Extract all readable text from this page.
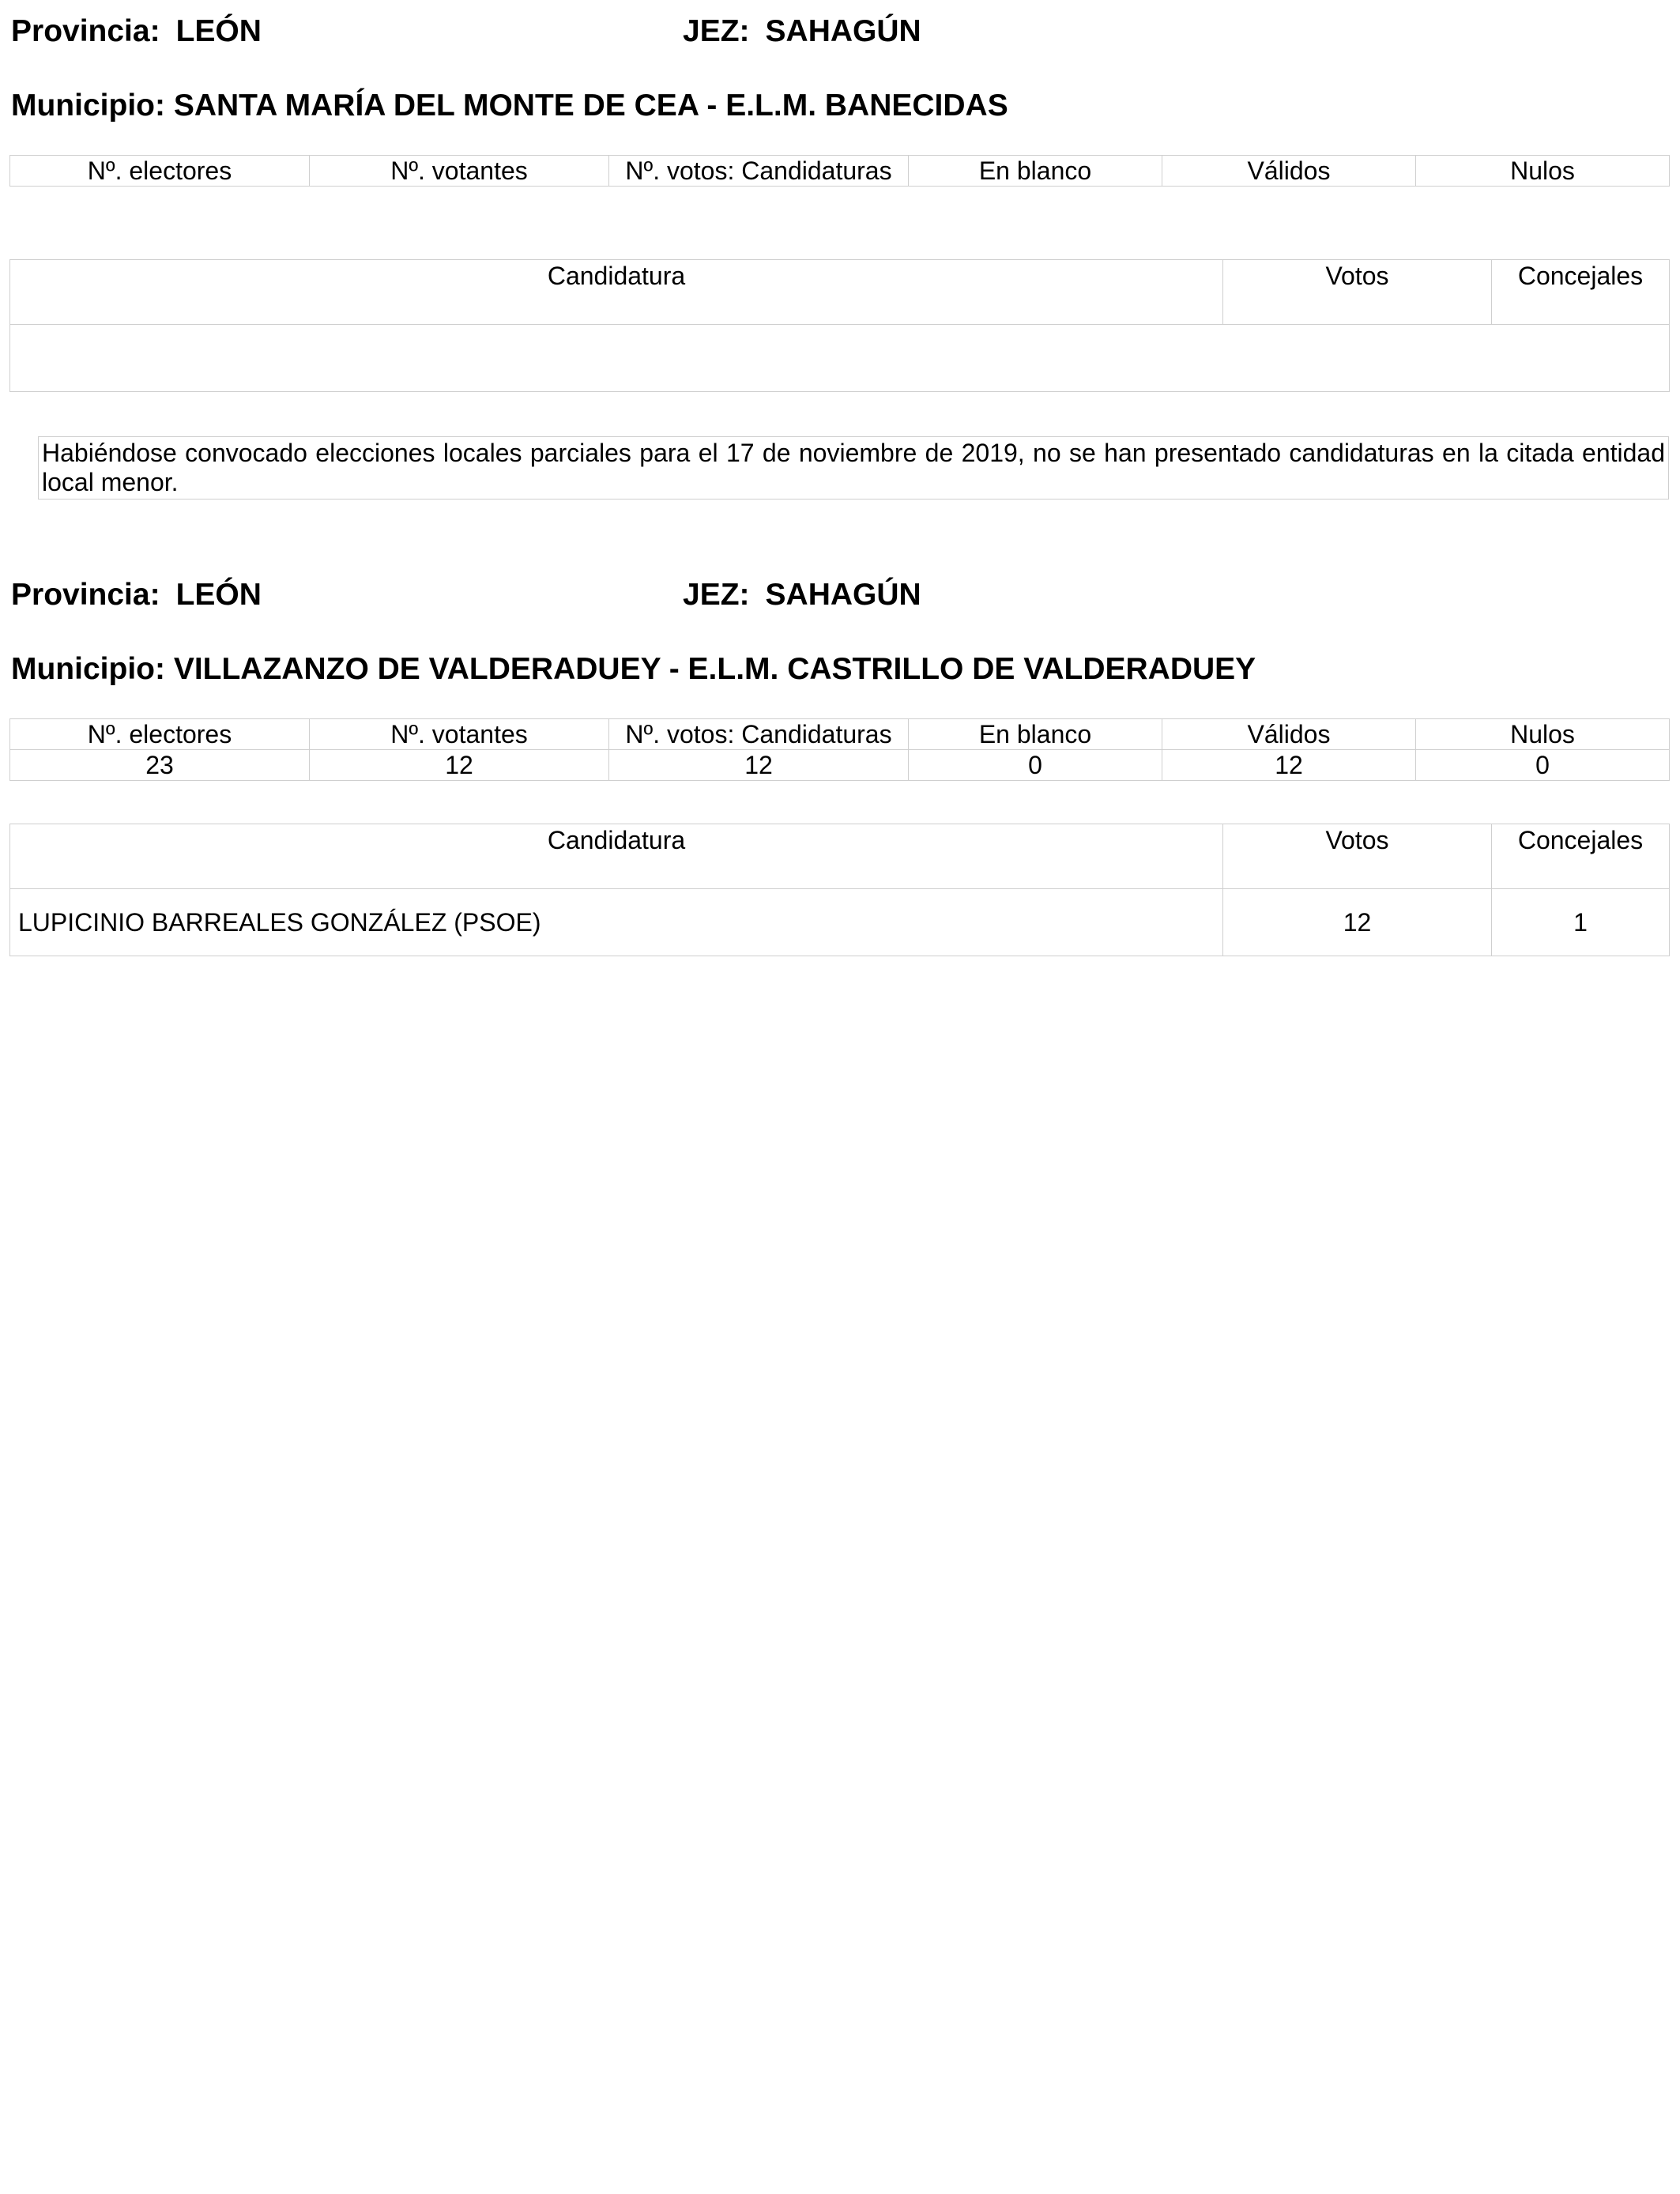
Provincia: LEÓN	JEZ: SAHAGÚN
Municipio: SANTA MARÍA DEL MONTE DE CEA - E.L.M. BANECIDAS
Nº. electores	Nº. votantes	Nº. votos: Candidaturas	En blanco	Válidos	Nulos
Candidatura	Votos	Concejales

Habiéndose convocado elecciones locales parciales para el 17 de noviembre de 2019, no se han presentado candidaturas en la citada entidad local menor.
Provincia: LEÓN	JEZ: SAHAGÚN
Municipio: VILLAZANZO DE VALDERADUEY - E.L.M. CASTRILLO DE VALDERADUEY
Nº. electores	Nº. votantes	Nº. votos: Candidaturas	En blanco	Válidos	Nulos
23	12	12	0	12	0
Candidatura	Votos	Concejales
LUPICINIO BARREALES GONZÁLEZ (PSOE)	12	1
